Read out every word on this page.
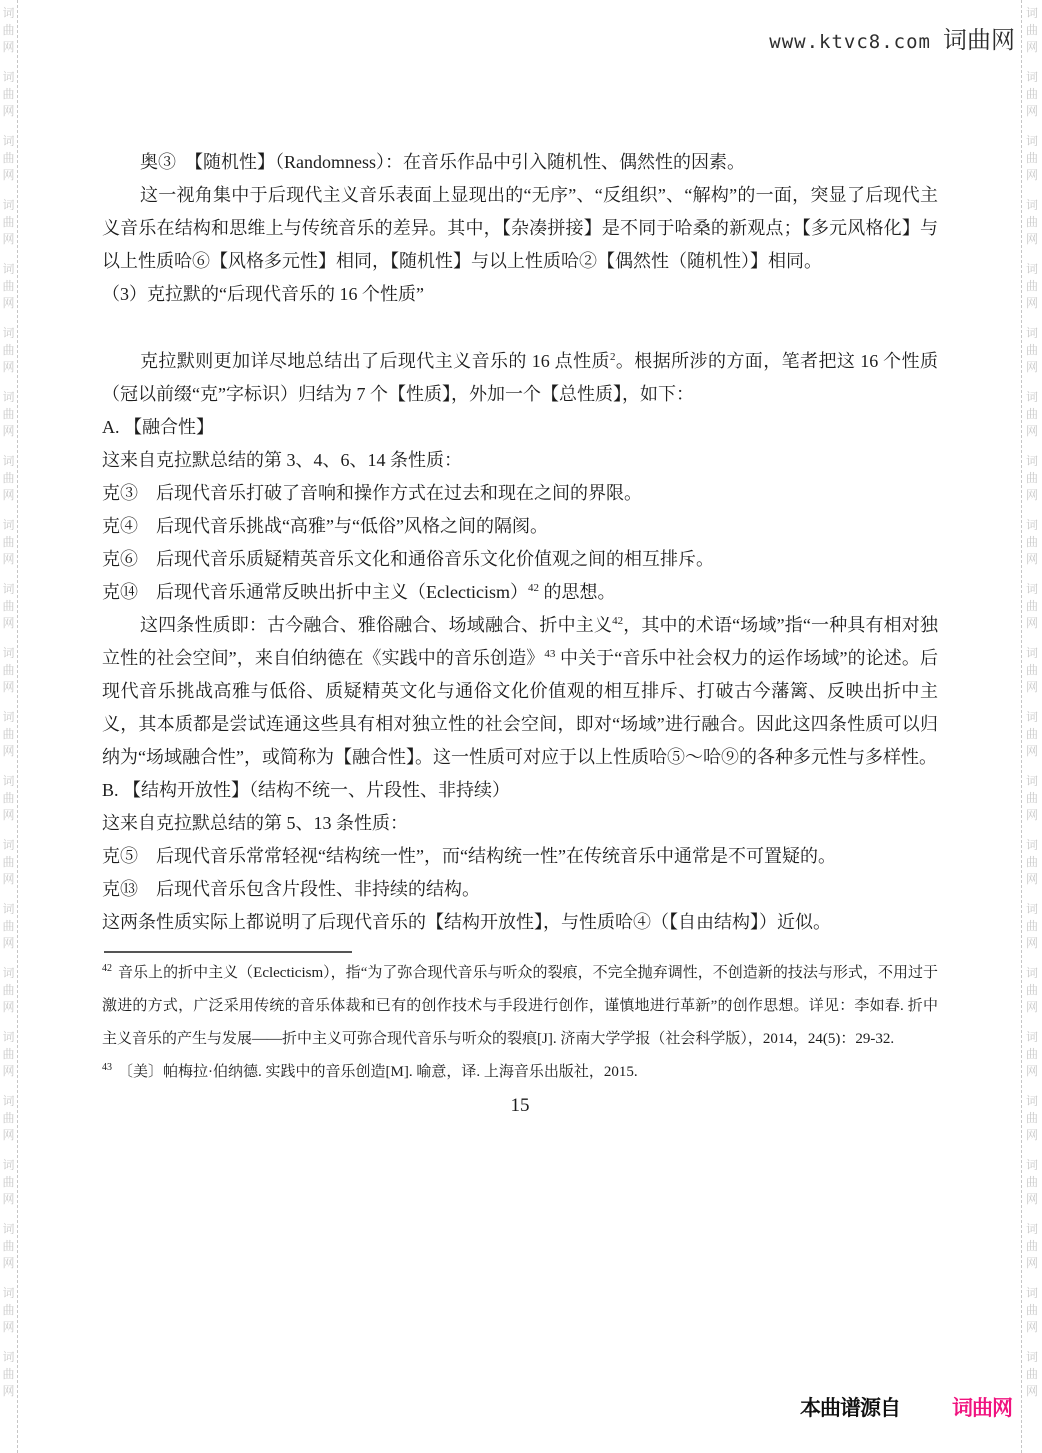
词
曲
网
词
曲
网
词
曲
网
词
曲
网
词
曲
网
词
曲
网
词
曲
网
词
曲
网
词
曲
网
词
曲
网
词
曲
网
词
曲
网
词
曲
网
词
曲
网
词
曲
网
词
曲
网
词
曲
网
词
曲
网
词
曲
网
词
曲
网
词
曲
网
词
曲
网
词
曲
网
词
曲
网
词
曲
网
词
曲
网
词
曲
网
词
曲
网
词
曲
网
词
曲
网
词
曲
网
词
曲
网
词
曲
网
词
曲
网
词
曲
网
词
曲
网
词
曲
网
词
曲
网
词
曲
网
词
曲
网
词
曲
网
词
曲
网
词
曲
网
词
曲
网
www.ktvc8.com 词曲网

奥③　【随机性】（Randomness）：在音乐作品中引入随机性、偶然性的因素。

这一视角集中于后现代主义音乐表面上显现出的“无序”、“反组织”、“解构”的一面，突显了后现代主义音乐在结构和思维上与传统音乐的差异。其中，【杂凑拼接】是不同于哈桑的新观点；【多元风格化】与以上性质哈⑥【风格多元性】相同，【随机性】与以上性质哈②【偶然性（随机性）】相同。

（3）克拉默的“后现代音乐的 16 个性质”

克拉默则更加详尽地总结出了后现代主义音乐的 16 点性质$^2$。根据所涉的方面，笔者把这 16 个性质（冠以前缀“克”字标识）归结为 7 个【性质】，外加一个【总性质】，如下：

A. 【融合性】

这来自克拉默总结的第 3、4、6、14 条性质：

克③　后现代音乐打破了音响和操作方式在过去和现在之间的界限。

克④　后现代音乐挑战“高雅”与“低俗”风格之间的隔阂。

克⑥　后现代音乐质疑精英音乐文化和通俗音乐文化价值观之间的相互排斥。

克⑭　后现代音乐通常反映出折中主义（Eclecticism）$^{42}$ 的思想。

这四条性质即：古今融合、雅俗融合、场域融合、折中主义$^{42}$，其中的术语“场域”指“一种具有相对独立性的社会空间”，来自伯纳德在《实践中的音乐创造》$^{43}$ 中关于“音乐中社会权力的运作场域”的论述。后现代音乐挑战高雅与低俗、质疑精英文化与通俗文化价值观的相互排斥、打破古今藩篱、反映出折中主义，其本质都是尝试连通这些具有相对独立性的社会空间，即对“场域”进行融合。因此这四条性质可以归纳为“场域融合性”，或简称为【融合性】。这一性质可对应于以上性质哈⑤～哈⑨的各种多元性与多样性。

B. 【结构开放性】（结构不统一、片段性、非持续）

这来自克拉默总结的第 5、13 条性质：

克⑤　后现代音乐常常轻视“结构统一性”，而“结构统一性”在传统音乐中通常是不可置疑的。

克⑬　后现代音乐包含片段性、非持续的结构。

这两条性质实际上都说明了后现代音乐的【结构开放性】，与性质哈④（【自由结构】）近似。

$^{42}$ 音乐上的折中主义（Eclecticism），指“为了弥合现代音乐与听众的裂痕，不完全抛弃调性，不创造新的技法与形式，不用过于激进的方式，广泛采用传统的音乐体裁和已有的创作技术与手段进行创作，谨慎地进行革新”的创作思想。详见：李如春. 折中主义音乐的产生与发展——折中主义可弥合现代音乐与听众的裂痕[J]. 济南大学学报（社会科学版），2014，24(5)：29-32.

$^{43}$ 〔美〕帕梅拉·伯纳德. 实践中的音乐创造[M]. 喻意，译. 上海音乐出版社，2015.

15

本曲谱源自 词曲网
